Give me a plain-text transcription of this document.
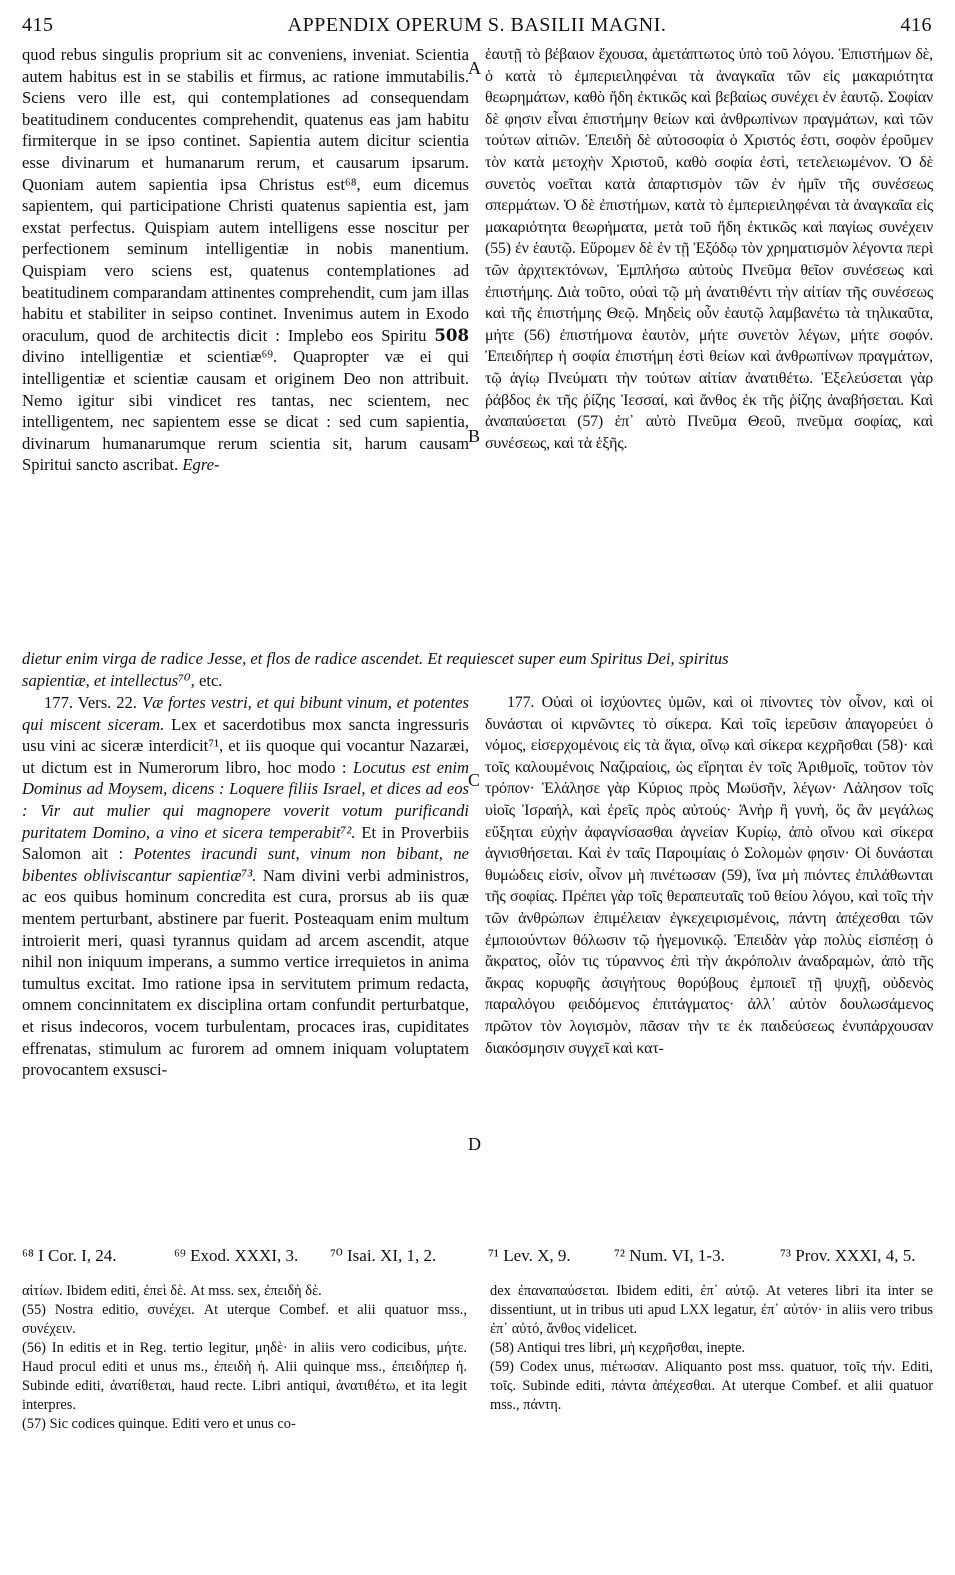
415	APPENDIX OPERUM S. BASILII MAGNI.	416

quod rebus singulis proprium sit ac conveniens, inveniat. Scientia autem habitus est in se stabilis et firmus, ac ratione immutabilis. Sciens vero ille est, qui contemplationes ad consequendam beatitudinem conducentes comprehendit, quatenus eas jam habitu firmiterque in se ipso continet. Sapientia autem dicitur scientia esse divinarum et humanarum rerum, et causarum ipsarum. Quoniam autem sapientia ipsa Christus est⁶⁸, eum dicemus sapientem, qui participatione Christi quatenus sapientia est, jam exstat perfectus. Quispiam autem intelligens esse noscitur per perfectionem seminum intelligentiæ in nobis manentium. Quispiam vero sciens est, quatenus contemplationes ad beatitudinem comparandam attinentes comprehendit, cum jam illas habitu et stabiliter in seipso continet. Invenimus autem in Exodo oraculum, quod de architectis dicit : Implebo eos Spiritu 508 divino intelligentiæ et scientiæ⁶⁹. Quapropter væ ei qui intelligentiæ et scientiæ causam et originem Deo non attribuit. Nemo igitur sibi vindicet res tantas, nec scientem, nec intelligentem, nec sapientem esse se dicat : sed cum sapientia, divinarum humanarumque rerum scientia sit, harum causam Spiritui sancto ascribat. Egre-

ἑαυτῇ τὸ βέβαιον ἔχουσα, ἀμετάπτωτος ὑπὸ τοῦ λόγου. Ἐπιστήμων δὲ, ὁ κατὰ τὸ ἐμπεριειληφέναι τὰ ἀναγκαῖα τῶν εἰς μακαριότητα θεωρημάτων, καθὸ ἤδη ἐκτικῶς καὶ βεβαίως συνέχει ἐν ἑαυτῷ. Σοφίαν δὲ φησιν εἶναι ἐπιστήμην θείων καὶ ἀνθρωπίνων πραγμάτων, καὶ τῶν τούτων αἰτιῶν. Ἐπειδὴ δὲ αὐτοσοφία ὁ Χριστός ἐστι, σοφὸν ἐροῦμεν τὸν κατὰ μετοχὴν Χριστοῦ, καθὸ σοφία ἐστὶ, τετελειωμένον. Ὁ δὲ συνετὸς νοεῖται κατὰ ἀπαρτισμὸν τῶν ἐν ἡμῖν τῆς συνέσεως σπερμάτων. Ὁ δὲ ἐπιστήμων, κατὰ τὸ ἐμπεριειληφέναι τὰ ἀναγκαῖα εἰς μακαριότητα θεωρήματα, μετὰ τοῦ ἤδη ἐκτικῶς καὶ παγίως συνέχειν (55) ἐν ἑαυτῷ. Εὕρομεν δὲ ἐν τῇ Ἐξόδῳ τὸν χρηματισμὸν λέγοντα περὶ τῶν ἀρχιτεκτόνων, Ἐμπλήσω αὐτοὺς Πνεῦμα θεῖον συνέσεως καὶ ἐπιστήμης. Διὰ τοῦτο, οὐαὶ τῷ μὴ ἀνατιθέντι τὴν αἰτίαν τῆς συνέσεως καὶ τῆς ἐπιστήμης Θεῷ. Μηδεὶς οὖν ἑαυτῷ λαμβανέτω τὰ τηλικαῦτα, μήτε (56) ἐπιστήμονα ἑαυτὸν, μήτε συνετὸν λέγων, μήτε σοφόν. Ἐπειδήπερ ἡ σοφία ἐπιστήμη ἐστὶ θείων καὶ ἀνθρωπίνων πραγμάτων, τῷ ἁγίῳ Πνεύματι τὴν τούτων αἰτίαν ἀνατιθέτω. Ἐξελεύσεται γὰρ ῥάβδος ἐκ τῆς ῥίζης Ἰεσσαί, καὶ ἄνθος ἐκ τῆς ῥίζης ἀναβήσεται. Καὶ ἀναπαύσεται (57) ἐπ᾽ αὐτὸ Πνεῦμα Θεοῦ, πνεῦμα σοφίας, καὶ συνέσεως, καὶ τὰ ἑξῆς.

dietur enim virga de radice Jesse, et flos de radice ascendet. Et requiescet super eum Spiritus Dei, spiritus
sapientiæ, et intellectus⁷⁰, etc.

177. Vers. 22. Væ fortes vestri, et qui bibunt vinum, et potentes qui miscent siceram. Lex et sacerdotibus mox sancta ingressuris usu vini ac siceræ interdicit⁷¹, et iis quoque qui vocantur Nazaræi, ut dictum est in Numerorum libro, hoc modo : Locutus est enim Dominus ad Moysem, dicens : Loquere filiis Israel, et dices ad eos : Vir aut mulier qui magnopere voverit votum purificandi puritatem Domino, a vino et sicera temperabit⁷². Et in Proverbiis Salomon ait : Potentes iracundi sunt, vinum non bibant, ne bibentes obliviscantur sapientiæ⁷³. Nam divini verbi administros, ac eos quibus hominum concredita est cura, prorsus ab iis quæ mentem perturbant, abstinere par fuerit. Posteaquam enim multum introierit meri, quasi tyrannus quidam ad arcem ascendit, atque nihil non iniquum imperans, a summo vertice irrequietos in anima tumultus excitat. Imo ratione ipsa in servitutem primum redacta, omnem concinnitatem ex disciplina ortam confundit perturbatque, et risus indecoros, vocem turbulentam, procaces iras, cupiditates effrenatas, stimulum ac furorem ad omnem iniquam voluptatem provocantem exsusci-

177. Οὐαὶ οἱ ἰσχύοντες ὑμῶν, καὶ οἱ πίνοντες τὸν οἶνον, καὶ οἱ δυνάσται οἱ κιρνῶντες τὸ σίκερα. Καὶ τοῖς ἱερεῦσιν ἀπαγορεύει ὁ νόμος, εἰσερχομένοις εἰς τὰ ἅγια, οἴνῳ καὶ σίκερα κεχρῆσθαι (58)· καὶ τοῖς καλουμένοις Ναζιραίοις, ὡς εἴρηται ἐν τοῖς Ἀριθμοῖς, τοῦτον τὸν τρόπον· Ἐλάλησε γὰρ Κύριος πρὸς Μωϋσῆν, λέγων· Λάλησον τοῖς υἱοῖς Ἰσραήλ, καὶ ἐρεῖς πρὸς αὐτούς· Ἀνὴρ ἢ γυνὴ, ὅς ἂν μεγάλως εὔξηται εὐχὴν ἀφαγνίσασθαι ἁγνείαν Κυρίῳ, ἀπὸ οἴνου καὶ σίκερα ἁγνισθήσεται. Καὶ ἐν ταῖς Παροιμίαις ὁ Σολομὼν φησιν· Οἱ δυνάσται θυμώδεις εἰσίν, οἶνον μὴ πινέτωσαν (59), ἵνα μὴ πιόντες ἐπιλάθωνται τῆς σοφίας. Πρέπει γὰρ τοῖς θεραπευταῖς τοῦ θείου λόγου, καὶ τοῖς τὴν τῶν ἀνθρώπων ἐπιμέλειαν ἐγκεχειρισμένοις, πάντη ἀπέχεσθαι τῶν ἐμποιούντων θόλωσιν τῷ ἡγεμονικῷ. Ἐπειδὰν γὰρ πολὺς εἰσπέσῃ ὁ ἄκρατος, οἷόν τις τύραννος ἐπὶ τὴν ἀκρόπολιν ἀναδραμὼν, ἀπὸ τῆς ἄκρας κορυφῆς ἀσιγήτους θορύβους ἐμποιεῖ τῇ ψυχῇ, οὐδενὸς παραλόγου φειδόμενος ἐπιτάγματος· ἀλλ᾽ αὐτὸν δουλωσάμενος πρῶτον τὸν λογισμὸν, πᾶσαν τὴν τε ἐκ παιδεύσεως ἐνυπάρχουσαν διακόσμησιν συγχεῖ καὶ κατ-

A
B
C
D
⁶⁸ I Cor. I, 24.	⁶⁹ Exod. XXXI, 3. ⁷⁰ Isai. XI, 1, 2.	⁷¹ Lev. X, 9.	⁷² Num. VI, 1-3.	⁷³ Prov. XXXI, 4, 5.

αἰτίων. Ibidem editi, ἐπεὶ δὲ. At mss. sex, ἐπειδὴ δὲ.

(55) Nostra editio, συνέχει. At uterque Combef. et alii quatuor mss., συνέχειν.

(56) In editis et in Reg. tertio legitur, μηδὲ· in aliis vero codicibus, μήτε. Haud procul editi et unus ms., ἐπειδὴ ἡ. Alii quinque mss., ἐπειδήπερ ἡ. Subinde editi, ἀνατίθεται, haud recte. Libri antiqui, ἀνατιθέτω, et ita legit interpres.

(57) Sic codices quinque. Editi vero et unus co-

dex ἐπαναπαύσεται. Ibidem editi, ἐπ᾽ αὐτῷ. At veteres libri ita inter se dissentiunt, ut in tribus uti apud LXX legatur, ἐπ᾽ αὐτόν· in aliis vero tribus ἐπ᾽ αὐτό, ἄνθος videlicet.

(58) Antiqui tres libri, μὴ κεχρῆσθαι, inepte.

(59) Codex unus, πιέτωσαν. Aliquanto post mss. quatuor, τοῖς τήν. Editi, τοῖς. Subinde editi, πάντα ἀπέχεσθαι. At uterque Combef. et alii quatuor mss., πάντη.
